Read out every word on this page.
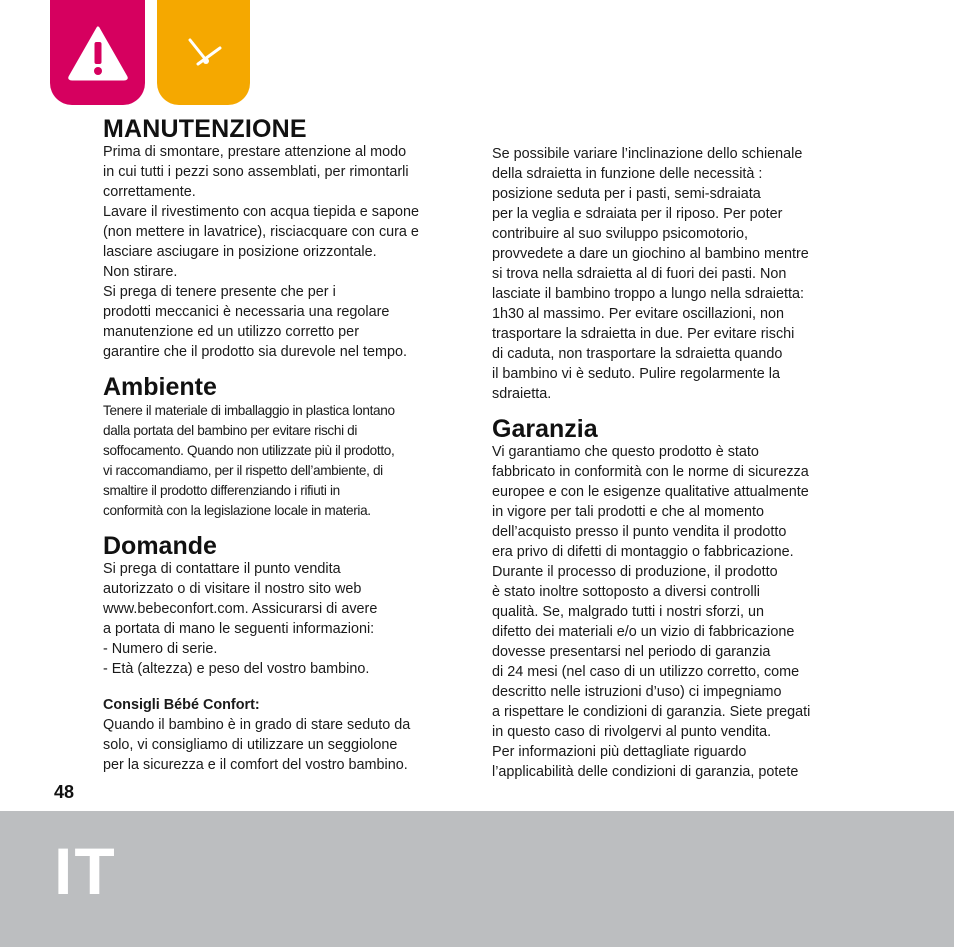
MANUTENZIONE

Prima di smontare, prestare attenzione al modo
in cui tutti i pezzi sono assemblati, per rimontarli
correttamente.
Lavare il rivestimento con acqua tiepida e sapone
(non mettere in lavatrice), risciacquare con cura e
lasciare asciugare in posizione orizzontale.
Non stirare.
Si prega di tenere presente che per i
prodotti meccanici è necessaria una regolare
manutenzione ed un utilizzo corretto per
garantire che il prodotto sia durevole nel tempo.

Ambiente

Tenere il materiale di imballaggio in plastica lontano
dalla portata del bambino per evitare rischi di
soffocamento. Quando non utilizzate più il prodotto,
vi raccomandiamo, per il rispetto dell’ambiente, di
smaltire il prodotto differenziando i rifiuti in
conformità con la legislazione locale in materia.

Domande

Si prega di contattare il punto vendita
autorizzato o di visitare il nostro sito web
www.bebeconfort.com. Assicurarsi di avere
a portata di mano le seguenti informazioni:
- Numero di serie.
- Età (altezza) e peso del vostro bambino.

Consigli Bébé Confort:

Quando il bambino è in grado di stare seduto da
solo, vi consigliamo di utilizzare un seggiolone
per la sicurezza e il comfort del vostro bambino.

Se possibile variare l’inclinazione dello schienale
della sdraietta in funzione delle necessità :
posizione seduta per i pasti, semi-sdraiata
per la veglia e sdraiata per il riposo. Per poter
contribuire al suo sviluppo psicomotorio,
provvedete a dare un giochino al bambino mentre
si trova nella sdraietta al di fuori dei pasti. Non
lasciate il bambino troppo a lungo nella sdraietta:
1h30 al massimo. Per evitare oscillazioni, non
trasportare la sdraietta in due. Per evitare rischi
di caduta, non trasportare la sdraietta quando
il bambino vi è seduto. Pulire regolarmente la
sdraietta.

Garanzia

Vi garantiamo che questo prodotto è stato
fabbricato in conformità con le norme di sicurezza
europee e con le esigenze qualitative attualmente
in vigore per tali prodotti e che al momento
dell’acquisto presso il punto vendita il prodotto
era privo di difetti di montaggio o fabbricazione.
Durante il processo di produzione, il prodotto
è stato inoltre sottoposto a diversi controlli
qualità. Se, malgrado tutti i nostri sforzi, un
difetto dei materiali e/o un vizio di fabbricazione
dovesse presentarsi nel periodo di garanzia
di 24 mesi (nel caso di un utilizzo corretto, come
descritto nelle istruzioni d’uso) ci impegniamo
a rispettare le condizioni di garanzia. Siete pregati
in questo caso di rivolgervi al punto vendita.
Per informazioni più dettagliate riguardo
l’applicabilità delle condizioni di garanzia, potete

48
IT
